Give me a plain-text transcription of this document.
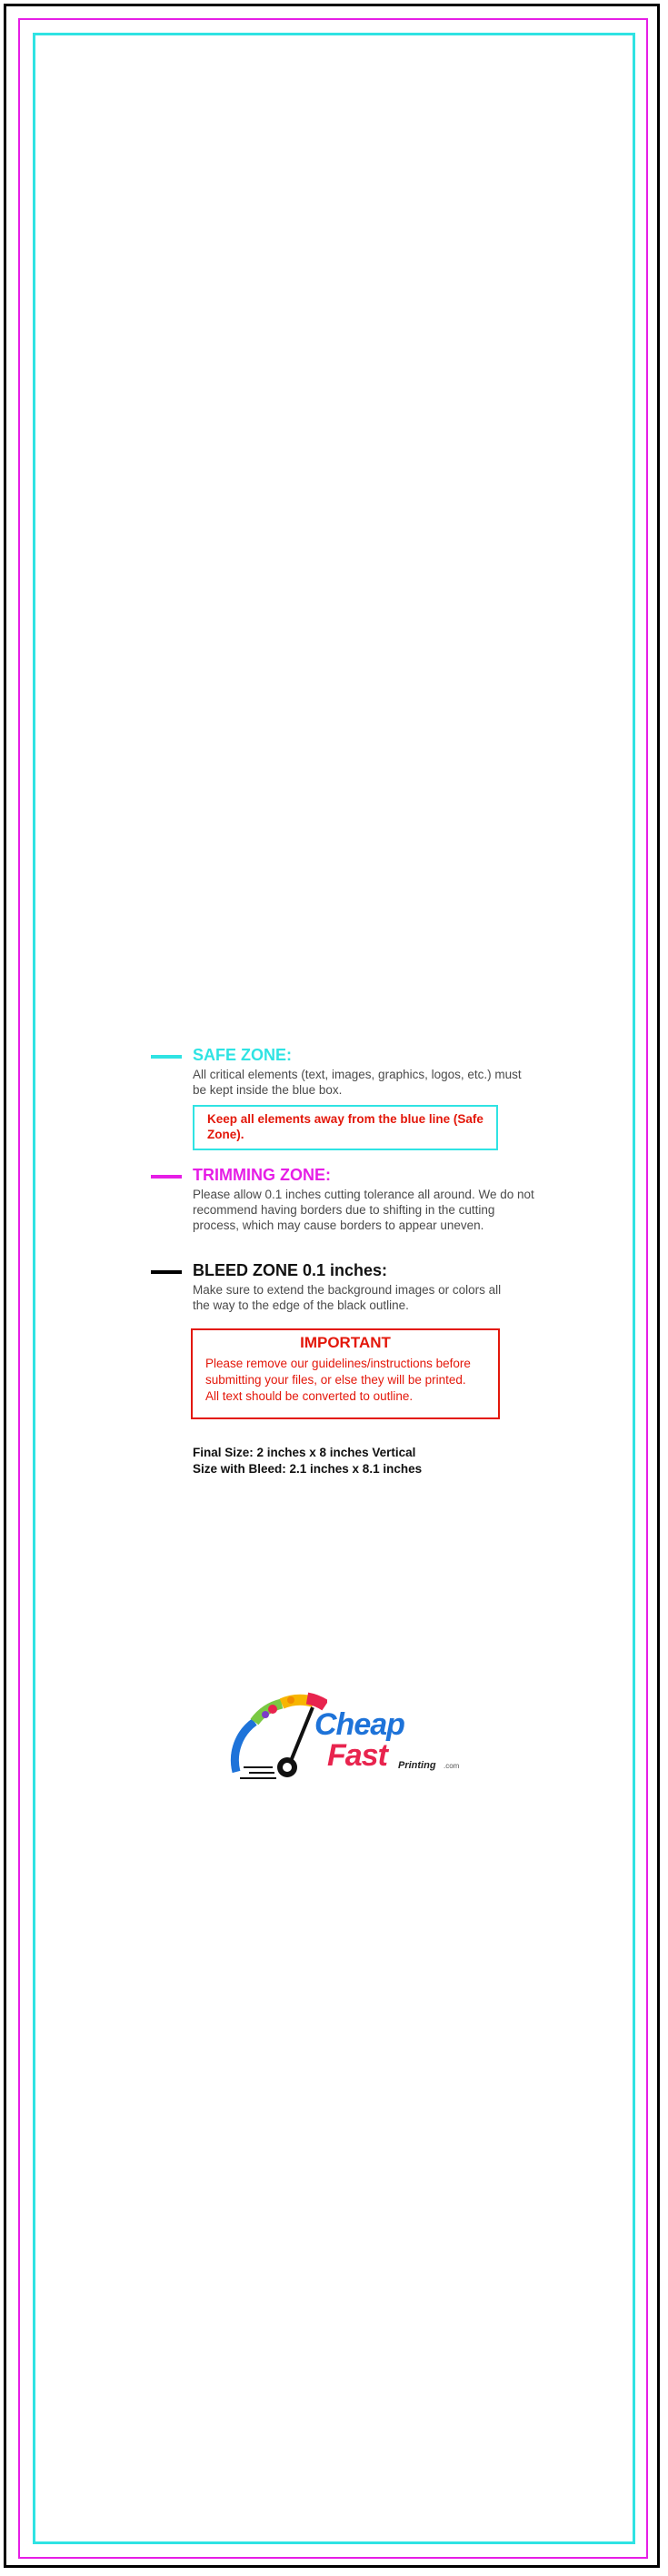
SAFE ZONE:

All critical elements (text, images, graphics, logos, etc.) must be kept inside the blue box.

Keep all elements away from the blue line (Safe Zone).

TRIMMING ZONE:

Please allow 0.1 inches cutting tolerance all around. We do not recommend having borders due to shifting in the cutting process, which may cause borders to appear uneven.

BLEED ZONE 0.1 inches:

Make sure to extend the background images or colors all the way to the edge of the black outline.

IMPORTANT

Please remove our guidelines/instructions before submitting your files, or else they will be printed.

All text should be converted to outline.

Final Size: 2 inches x 8 inches Vertical
Size with Bleed: 2.1 inches x 8.1 inches

Cheap
Fast Printing .com
